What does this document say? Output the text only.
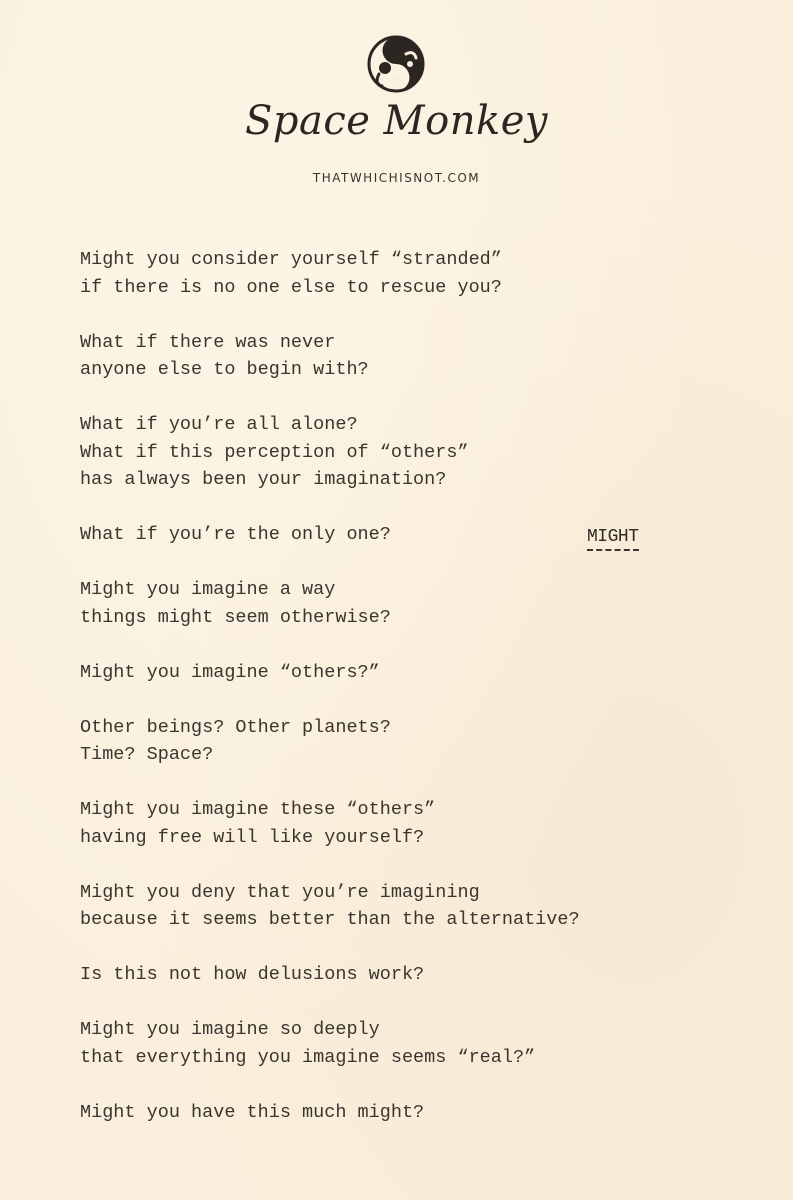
Space Monkey
THATWHICHISNOT.COM
Might you consider yourself “stranded”
if there is no one else to rescue you?
What if there was never
anyone else to begin with?
What if you’re all alone?
What if this perception of “others”
has always been your imagination?
What if you’re the only one?
Might you imagine a way
things might seem otherwise?
Might you imagine “others?”
Other beings? Other planets?
Time? Space?
Might you imagine these “others”
having free will like yourself?
Might you deny that you’re imagining
because it seems better than the alternative?
Is this not how delusions work?
Might you imagine so deeply
that everything you imagine seems “real?”
Might you have this much might?
MIGHT
